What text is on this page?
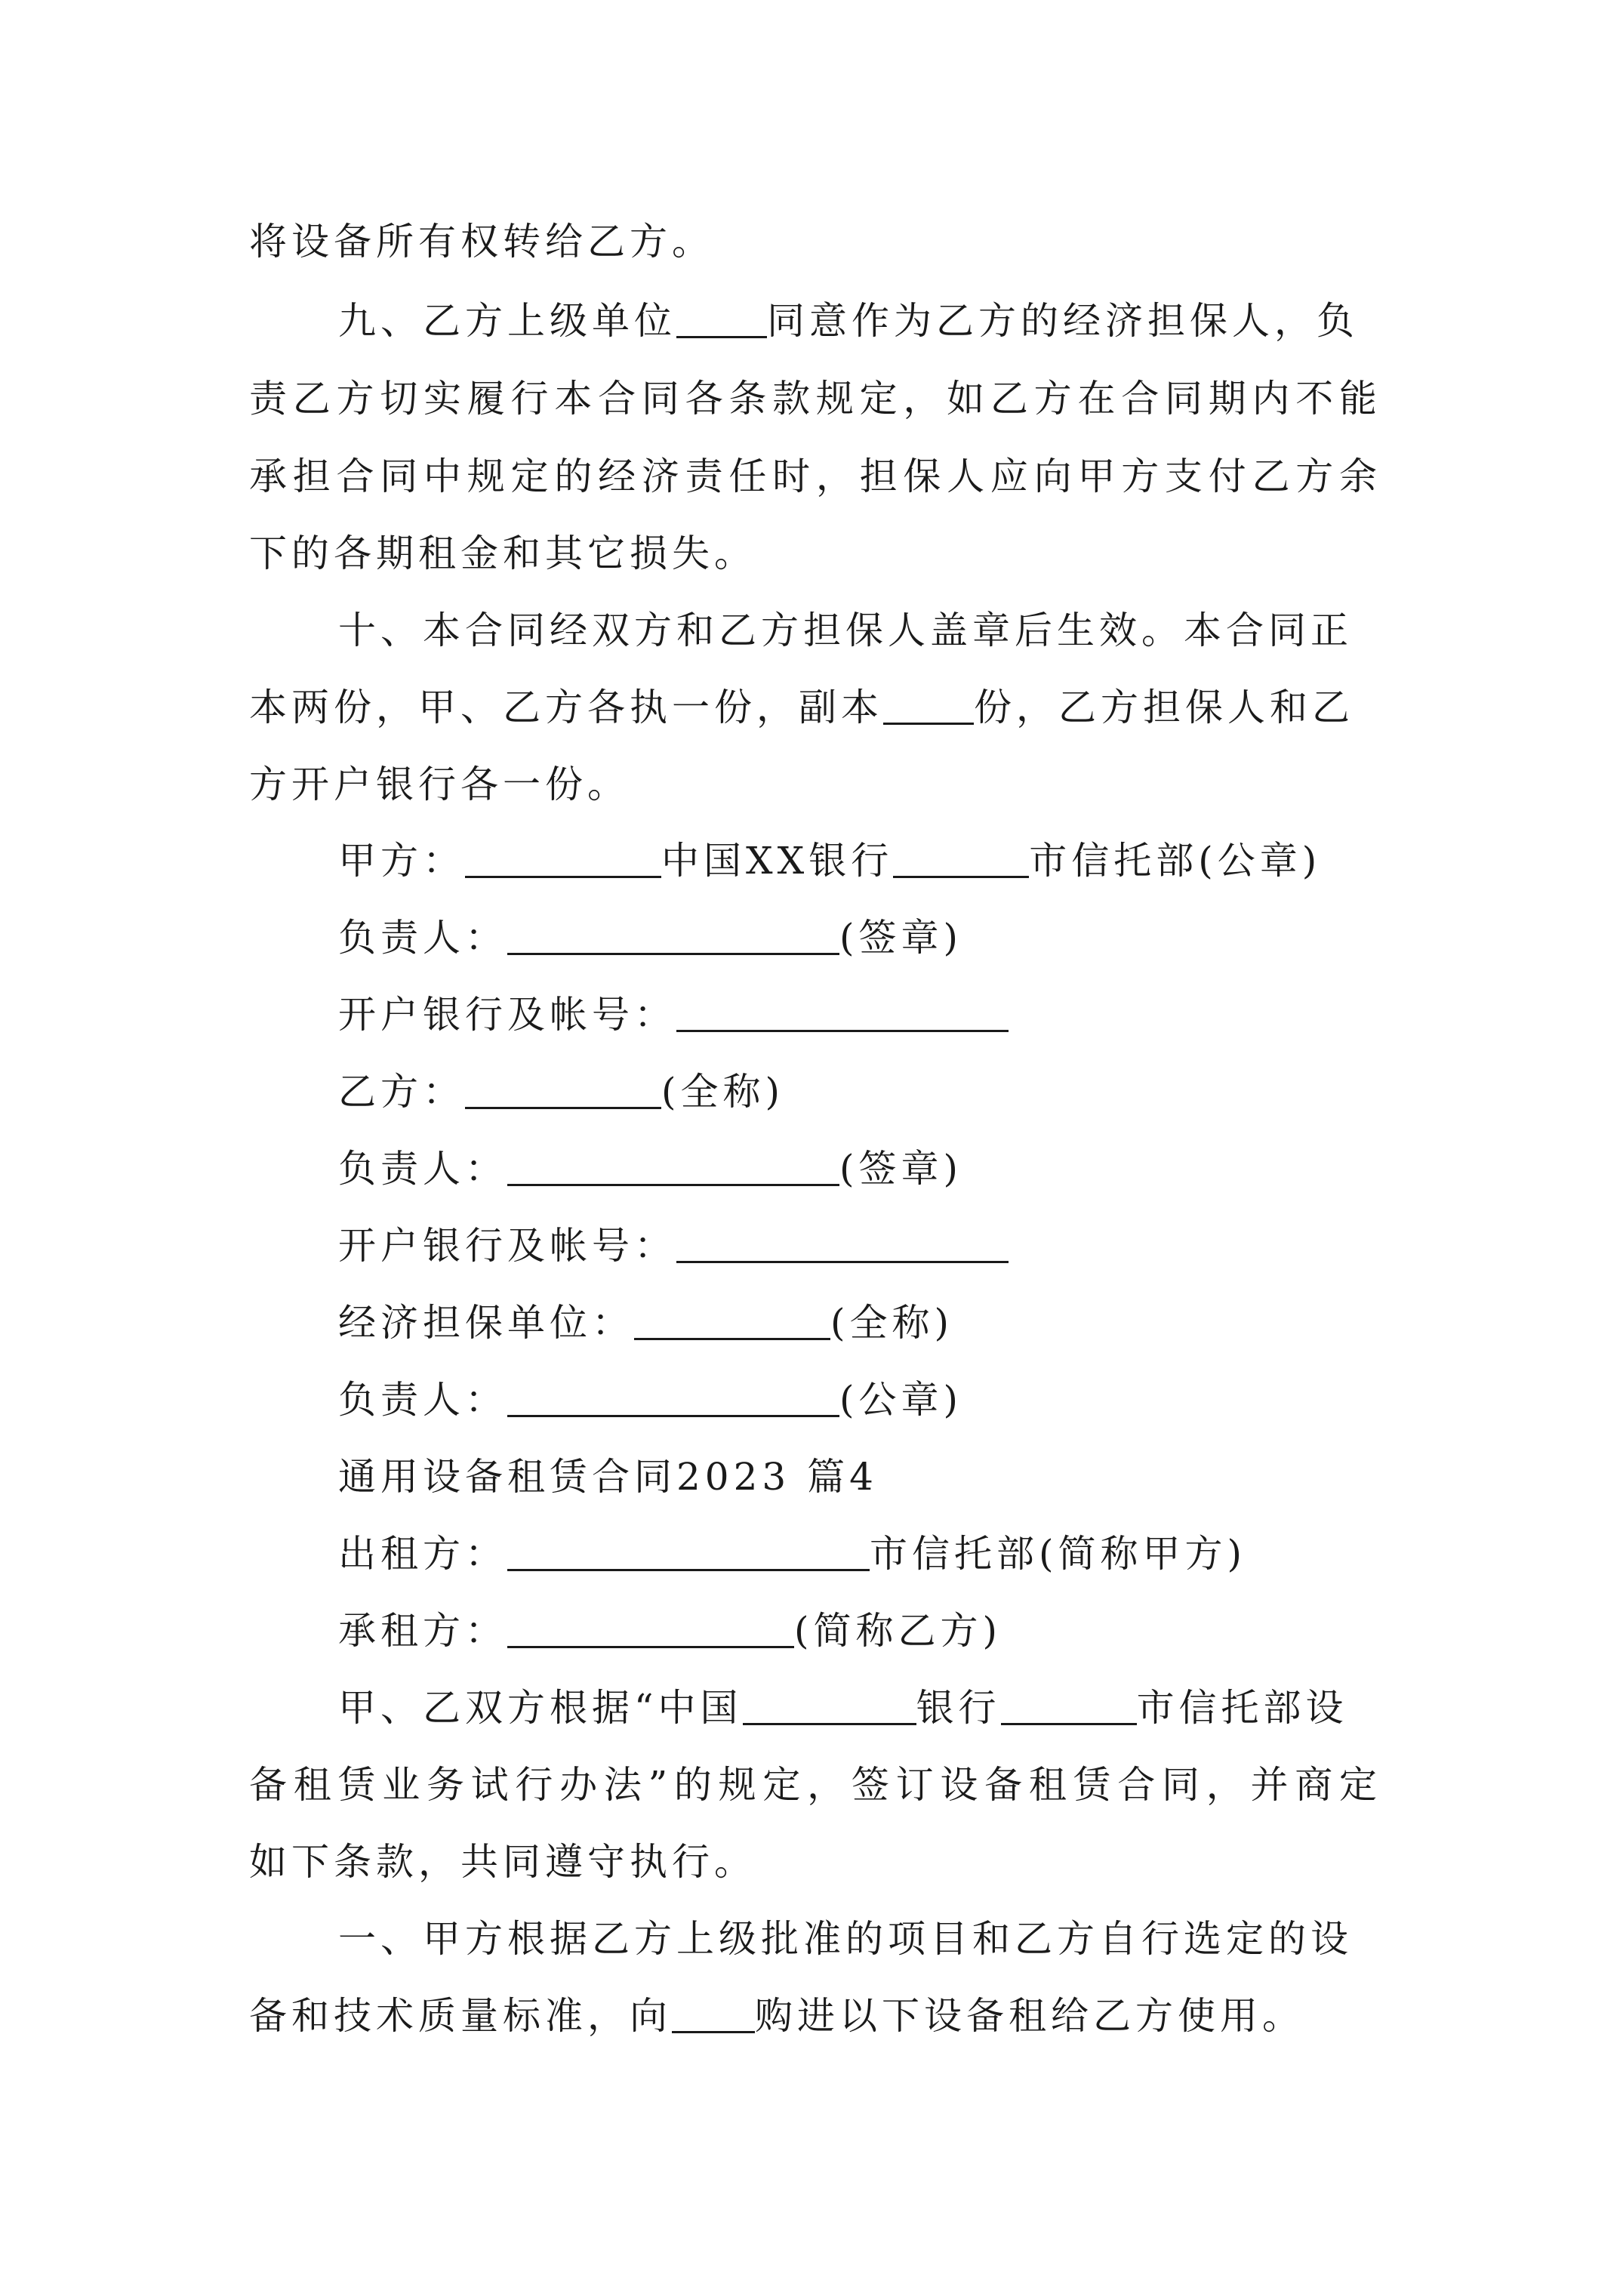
将设备所有权转给乙方。
九、乙方上级单位 同意作为乙方的经济担保人，负
责乙方切实履行本合同各条款规定，如乙方在合同期内不能
承担合同中规定的经济责任时，担保人应向甲方支付乙方余
下的各期租金和其它损失。
十、本合同经双方和乙方担保人盖章后生效。本合同正
本两份，甲、乙方各执一份，副本 份，乙方担保人和乙
方开户银行各一份。
甲方：	中国XX银行	市信托部(公章)
负责人：	(签章)
开户银行及帐号：
乙方：	(全称)
负责人：	(签章)
开户银行及帐号：
经济担保单位：	(全称)
负责人：	(公章)
通用设备租赁合同2023 篇4
出租方：	市信托部(简称甲方)
承租方：	(简称乙方)
甲、乙双方根据“中国	银行	市信托部设
备租赁业务试行办法”的规定，签订设备租赁合同，并商定
如下条款，共同遵守执行。
一、甲方根据乙方上级批准的项目和乙方自行选定的设
备和技术质量标准，向 购进以下设备租给乙方使用。
